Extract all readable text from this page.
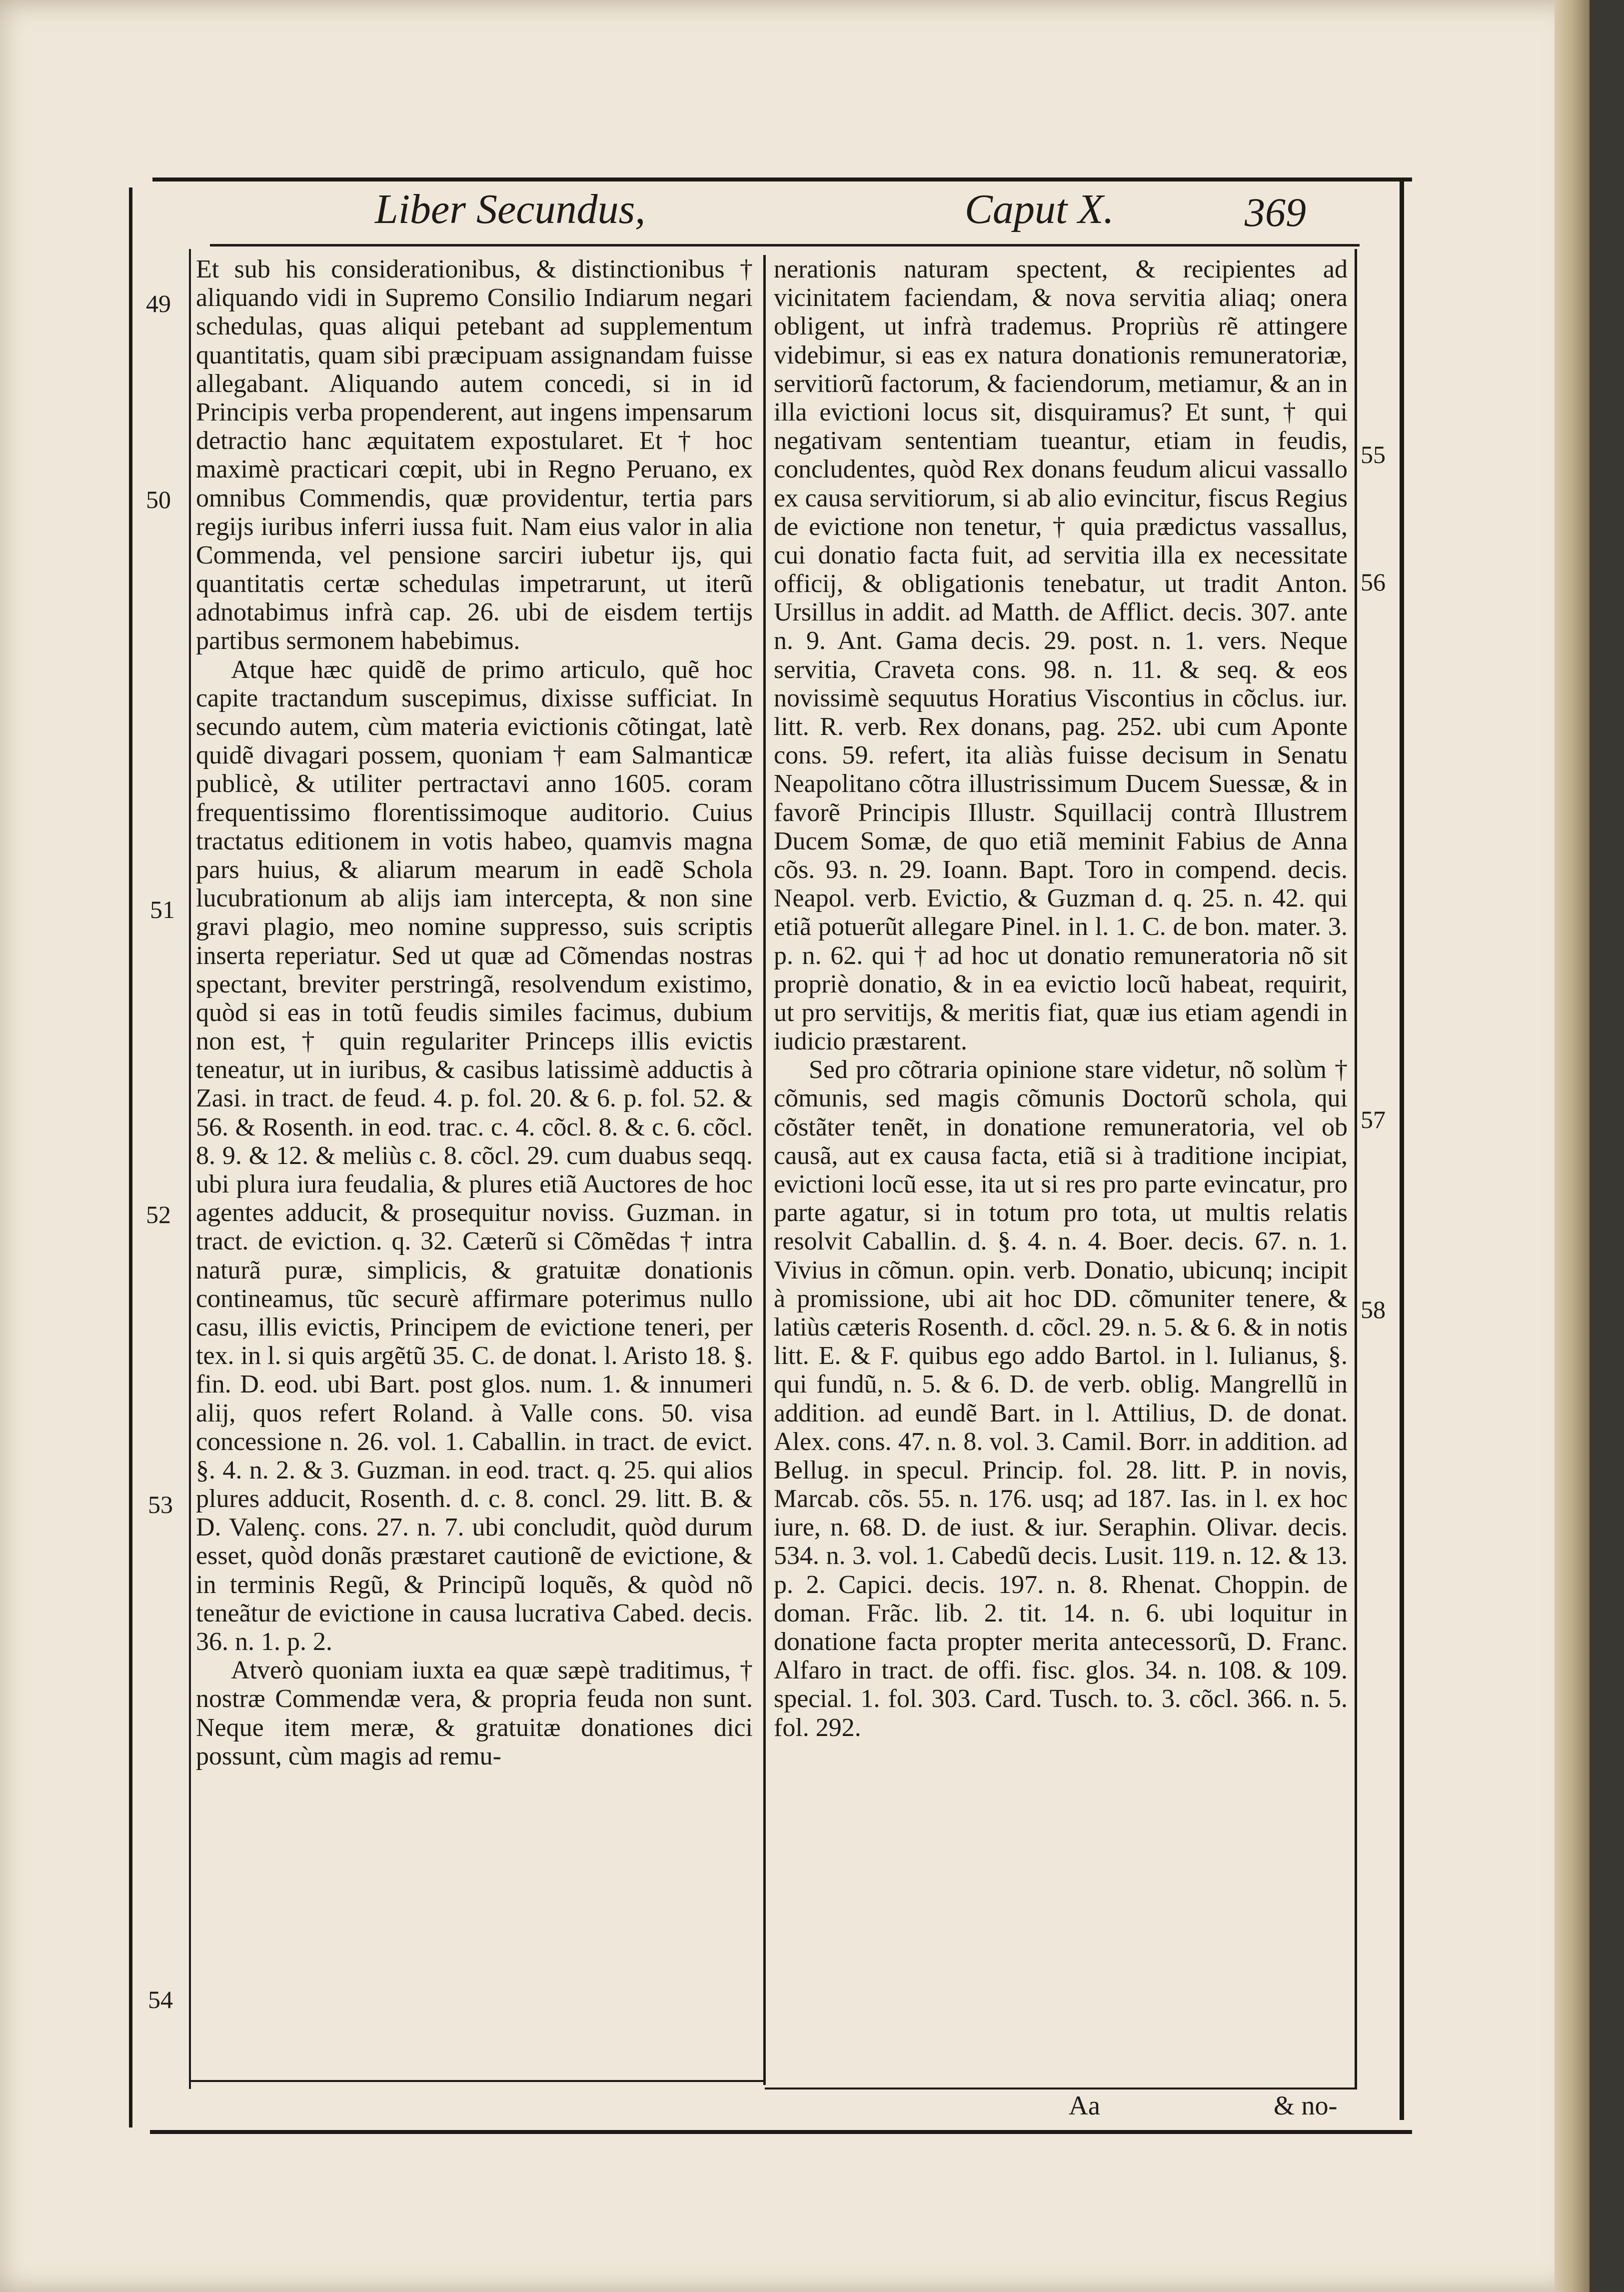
Liber Secundus,	Caput X.	369

Et sub his considerationibus, & distinctionibus † aliquando vidi in Supremo Consilio Indiarum negari schedulas, quas aliqui petebant ad supplementum quantitatis, quam sibi præcipuam assignandam fuisse allegabant. Aliquando autem concedi, si in id Principis verba propenderent, aut ingens impensarum detractio hanc æquitatem expostularet. Et † hoc maximè practicari cœpit, ubi in Regno Peruano, ex omnibus Commendis, quæ providentur, tertia pars regijs iuribus inferri iussa fuit. Nam eius valor in alia Commenda, vel pensione sarciri iubetur ijs, qui quantitatis certæ schedulas impetrarunt, ut iterũ adnotabimus infrà cap. 26. ubi de eisdem tertijs partibus sermonem habebimus.

Atque hæc quidẽ de primo articulo, quẽ hoc capite tractandum suscepimus, dixisse sufficiat. In secundo autem, cùm materia evictionis cõtingat, latè quidẽ divagari possem, quoniam † eam Salmanticæ publicè, & utiliter pertractavi anno 1605. coram frequentissimo florentissimoque auditorio. Cuius tractatus editionem in votis habeo, quamvis magna pars huius, & aliarum mearum in eadẽ Schola lucubrationum ab alijs iam intercepta, & non sine gravi plagio, meo nomine suppresso, suis scriptis inserta reperiatur. Sed ut quæ ad Cõmendas nostras spectant, breviter perstringã, resolvendum existimo, quòd si eas in totũ feudis similes facimus, dubium non est, † quin regulariter Princeps illis evictis teneatur, ut in iuribus, & casibus latissimè adductis à Zasi. in tract. de feud. 4. p. fol. 20. & 6. p. fol. 52. & 56. & Rosenth. in eod. trac. c. 4. cõcl. 8. & c. 6. cõcl. 8. 9. & 12. & meliùs c. 8. cõcl. 29. cum duabus seqq. ubi plura iura feudalia, & plures etiã Auctores de hoc agentes adducit, & prosequitur noviss. Guzman. in tract. de eviction. q. 32. Cæterũ si Cõmẽdas † intra naturã puræ, simplicis, & gratuitæ donationis contineamus, tũc securè affirmare poterimus nullo casu, illis evictis, Principem de evictione teneri, per tex. in l. si quis argẽtũ 35. C. de donat. l. Aristo 18. §. fin. D. eod. ubi Bart. post glos. num. 1. & innumeri alij, quos refert Roland. à Valle cons. 50. visa concessione n. 26. vol. 1. Caballin. in tract. de evict. §. 4. n. 2. & 3. Guzman. in eod. tract. q. 25. qui alios plures adducit, Rosenth. d. c. 8. concl. 29. litt. B. & D. Valenç. cons. 27. n. 7. ubi concludit, quòd durum esset, quòd donãs præstaret cautionẽ de evictione, & in terminis Regũ, & Principũ loquẽs, & quòd nõ teneãtur de evictione in causa lucrativa Cabed. decis. 36. n. 1. p. 2.

Atverò quoniam iuxta ea quæ sæpè traditimus, † nostræ Commendæ vera, & propria feuda non sunt. Neque item meræ, & gratuitæ donationes dici possunt, cùm magis ad remu-

nerationis naturam spectent, & recipientes ad vicinitatem faciendam, & nova servitia aliaq; onera obligent, ut infrà trademus. Propriùs rẽ attingere videbimur, si eas ex natura donationis remuneratoriæ, servitiorũ factorum, & faciendorum, metiamur, & an in illa evictioni locus sit, disquiramus? Et sunt, † qui negativam sententiam tueantur, etiam in feudis, concludentes, quòd Rex donans feudum alicui vassallo ex causa servitiorum, si ab alio evincitur, fiscus Regius de evictione non tenetur, † quia prædictus vassallus, cui donatio facta fuit, ad servitia illa ex necessitate officij, & obligationis tenebatur, ut tradit Anton. Ursillus in addit. ad Matth. de Afflict. decis. 307. ante n. 9. Ant. Gama decis. 29. post. n. 1. vers. Neque servitia, Craveta cons. 98. n. 11. & seq. & eos novissimè sequutus Horatius Viscontius in cõclus. iur. litt. R. verb. Rex donans, pag. 252. ubi cum Aponte cons. 59. refert, ita aliàs fuisse decisum in Senatu Neapolitano cõtra illustrissimum Ducem Suessæ, & in favorẽ Principis Illustr. Squillacij contrà Illustrem Ducem Somæ, de quo etiã meminit Fabius de Anna cõs. 93. n. 29. Ioann. Bapt. Toro in compend. decis. Neapol. verb. Evictio, & Guzman d. q. 25. n. 42. qui etiã potuerũt allegare Pinel. in l. 1. C. de bon. mater. 3. p. n. 62. qui † ad hoc ut donatio remuneratoria nõ sit propriè donatio, & in ea evictio locũ habeat, requirit, ut pro servitijs, & meritis fiat, quæ ius etiam agendi in iudicio præstarent.

Sed pro cõtraria opinione stare videtur, nõ solùm † cõmunis, sed magis cõmunis Doctorũ schola, qui cõstãter tenẽt, in donatione remuneratoria, vel ob causã, aut ex causa facta, etiã si à traditione incipiat, evictioni locũ esse, ita ut si res pro parte evincatur, pro parte agatur, si in totum pro tota, ut multis relatis resolvit Caballin. d. §. 4. n. 4. Boer. decis. 67. n. 1. Vivius in cõmun. opin. verb. Donatio, ubicunq; incipit à promissione, ubi ait hoc DD. cõmuniter tenere, & latiùs cæteris Rosenth. d. cõcl. 29. n. 5. & 6. & in notis litt. E. & F. quibus ego addo Bartol. in l. Iulianus, §. qui fundũ, n. 5. & 6. D. de verb. oblig. Mangrellũ in addition. ad eundẽ Bart. in l. Attilius, D. de donat. Alex. cons. 47. n. 8. vol. 3. Camil. Borr. in addition. ad Bellug. in specul. Princip. fol. 28. litt. P. in novis, Marcab. cõs. 55. n. 176. usq; ad 187. Ias. in l. ex hoc iure, n. 68. D. de iust. & iur. Seraphin. Olivar. decis. 534. n. 3. vol. 1. Cabedũ decis. Lusit. 119. n. 12. & 13. p. 2. Capici. decis. 197. n. 8. Rhenat. Choppin. de doman. Frãc. lib. 2. tit. 14. n. 6. ubi loquitur in donatione facta propter merita antecessorũ, D. Franc. Alfaro in tract. de offi. fisc. glos. 34. n. 108. & 109. special. 1. fol. 303. Card. Tusch. to. 3. cõcl. 366. n. 5. fol. 292.

49
50
51
52
53
54
55
56
57
58
Aa	& no-
